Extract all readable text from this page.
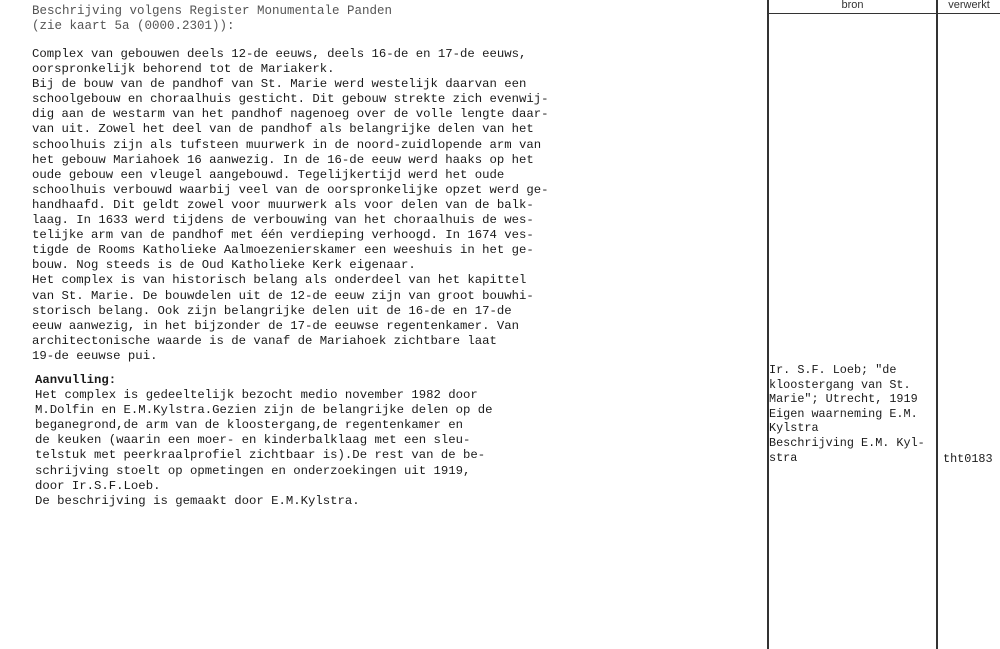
Beschrijving volgens Register Monumentale Panden
(zie kaart 5a (0000.2301)):
Complex van gebouwen deels 12-de eeuws, deels 16-de en 17-de eeuws,
oorspronkelijk behorend tot de Mariakerk.
Bij de bouw van de pandhof van St. Marie werd westelijk daarvan een
schoolgebouw en choraalhuis gesticht. Dit gebouw strekte zich evenwij-
dig aan de westarm van het pandhof nagenoeg over de volle lengte daar-
van uit. Zowel het deel van de pandhof als belangrijke delen van het
schoolhuis zijn als tufsteen muurwerk in de noord-zuidlopende arm van
het gebouw Mariahoek 16 aanwezig. In de 16-de eeuw werd haaks op het
oude gebouw een vleugel aangebouwd. Tegelijkertijd werd het oude
schoolhuis verbouwd waarbij veel van de oorspronkelijke opzet werd ge-
handhaafd. Dit geldt zowel voor muurwerk als voor delen van de balk-
laag. In 1633 werd tijdens de verbouwing van het choraalhuis de wes-
telijke arm van de pandhof met één verdieping verhoogd. In 1674 ves-
tigde de Rooms Katholieke Aalmoezenierskamer een weeshuis in het ge-
bouw. Nog steeds is de Oud Katholieke Kerk eigenaar.
Het complex is van historisch belang als onderdeel van het kapittel
van St. Marie. De bouwdelen uit de 12-de eeuw zijn van groot bouwhi-
storisch belang. Ook zijn belangrijke delen uit de 16-de en 17-de
eeuw aanwezig, in het bijzonder de 17-de eeuwse regentenkamer. Van
architectonische waarde is de vanaf de Mariahoek zichtbare laat
19-de eeuwse pui.
Aanvulling:
Het complex is gedeeltelijk bezocht medio november 1982 door
M.Dolfin en E.M.Kylstra.Gezien zijn de belangrijke delen op de
beganegrond,de arm van de kloostergang,de regentenkamer en
de keuken (waarin een moer- en kinderbalklaag met een sleu-
telstuk met peerkraalprofiel zichtbaar is).De rest van de be-
schrijving stoelt op opmetingen en onderzoekingen uit 1919,
door Ir.S.F.Loeb.
De beschrijving is gemaakt door E.M.Kylstra.
bron	verwerkt
Ir. S.F. Loeb; "de
kloostergang van St.
Marie"; Utrecht, 1919
Eigen waarneming E.M.
Kylstra
Beschrijving E.M. Kyl-
stra	tht0183
